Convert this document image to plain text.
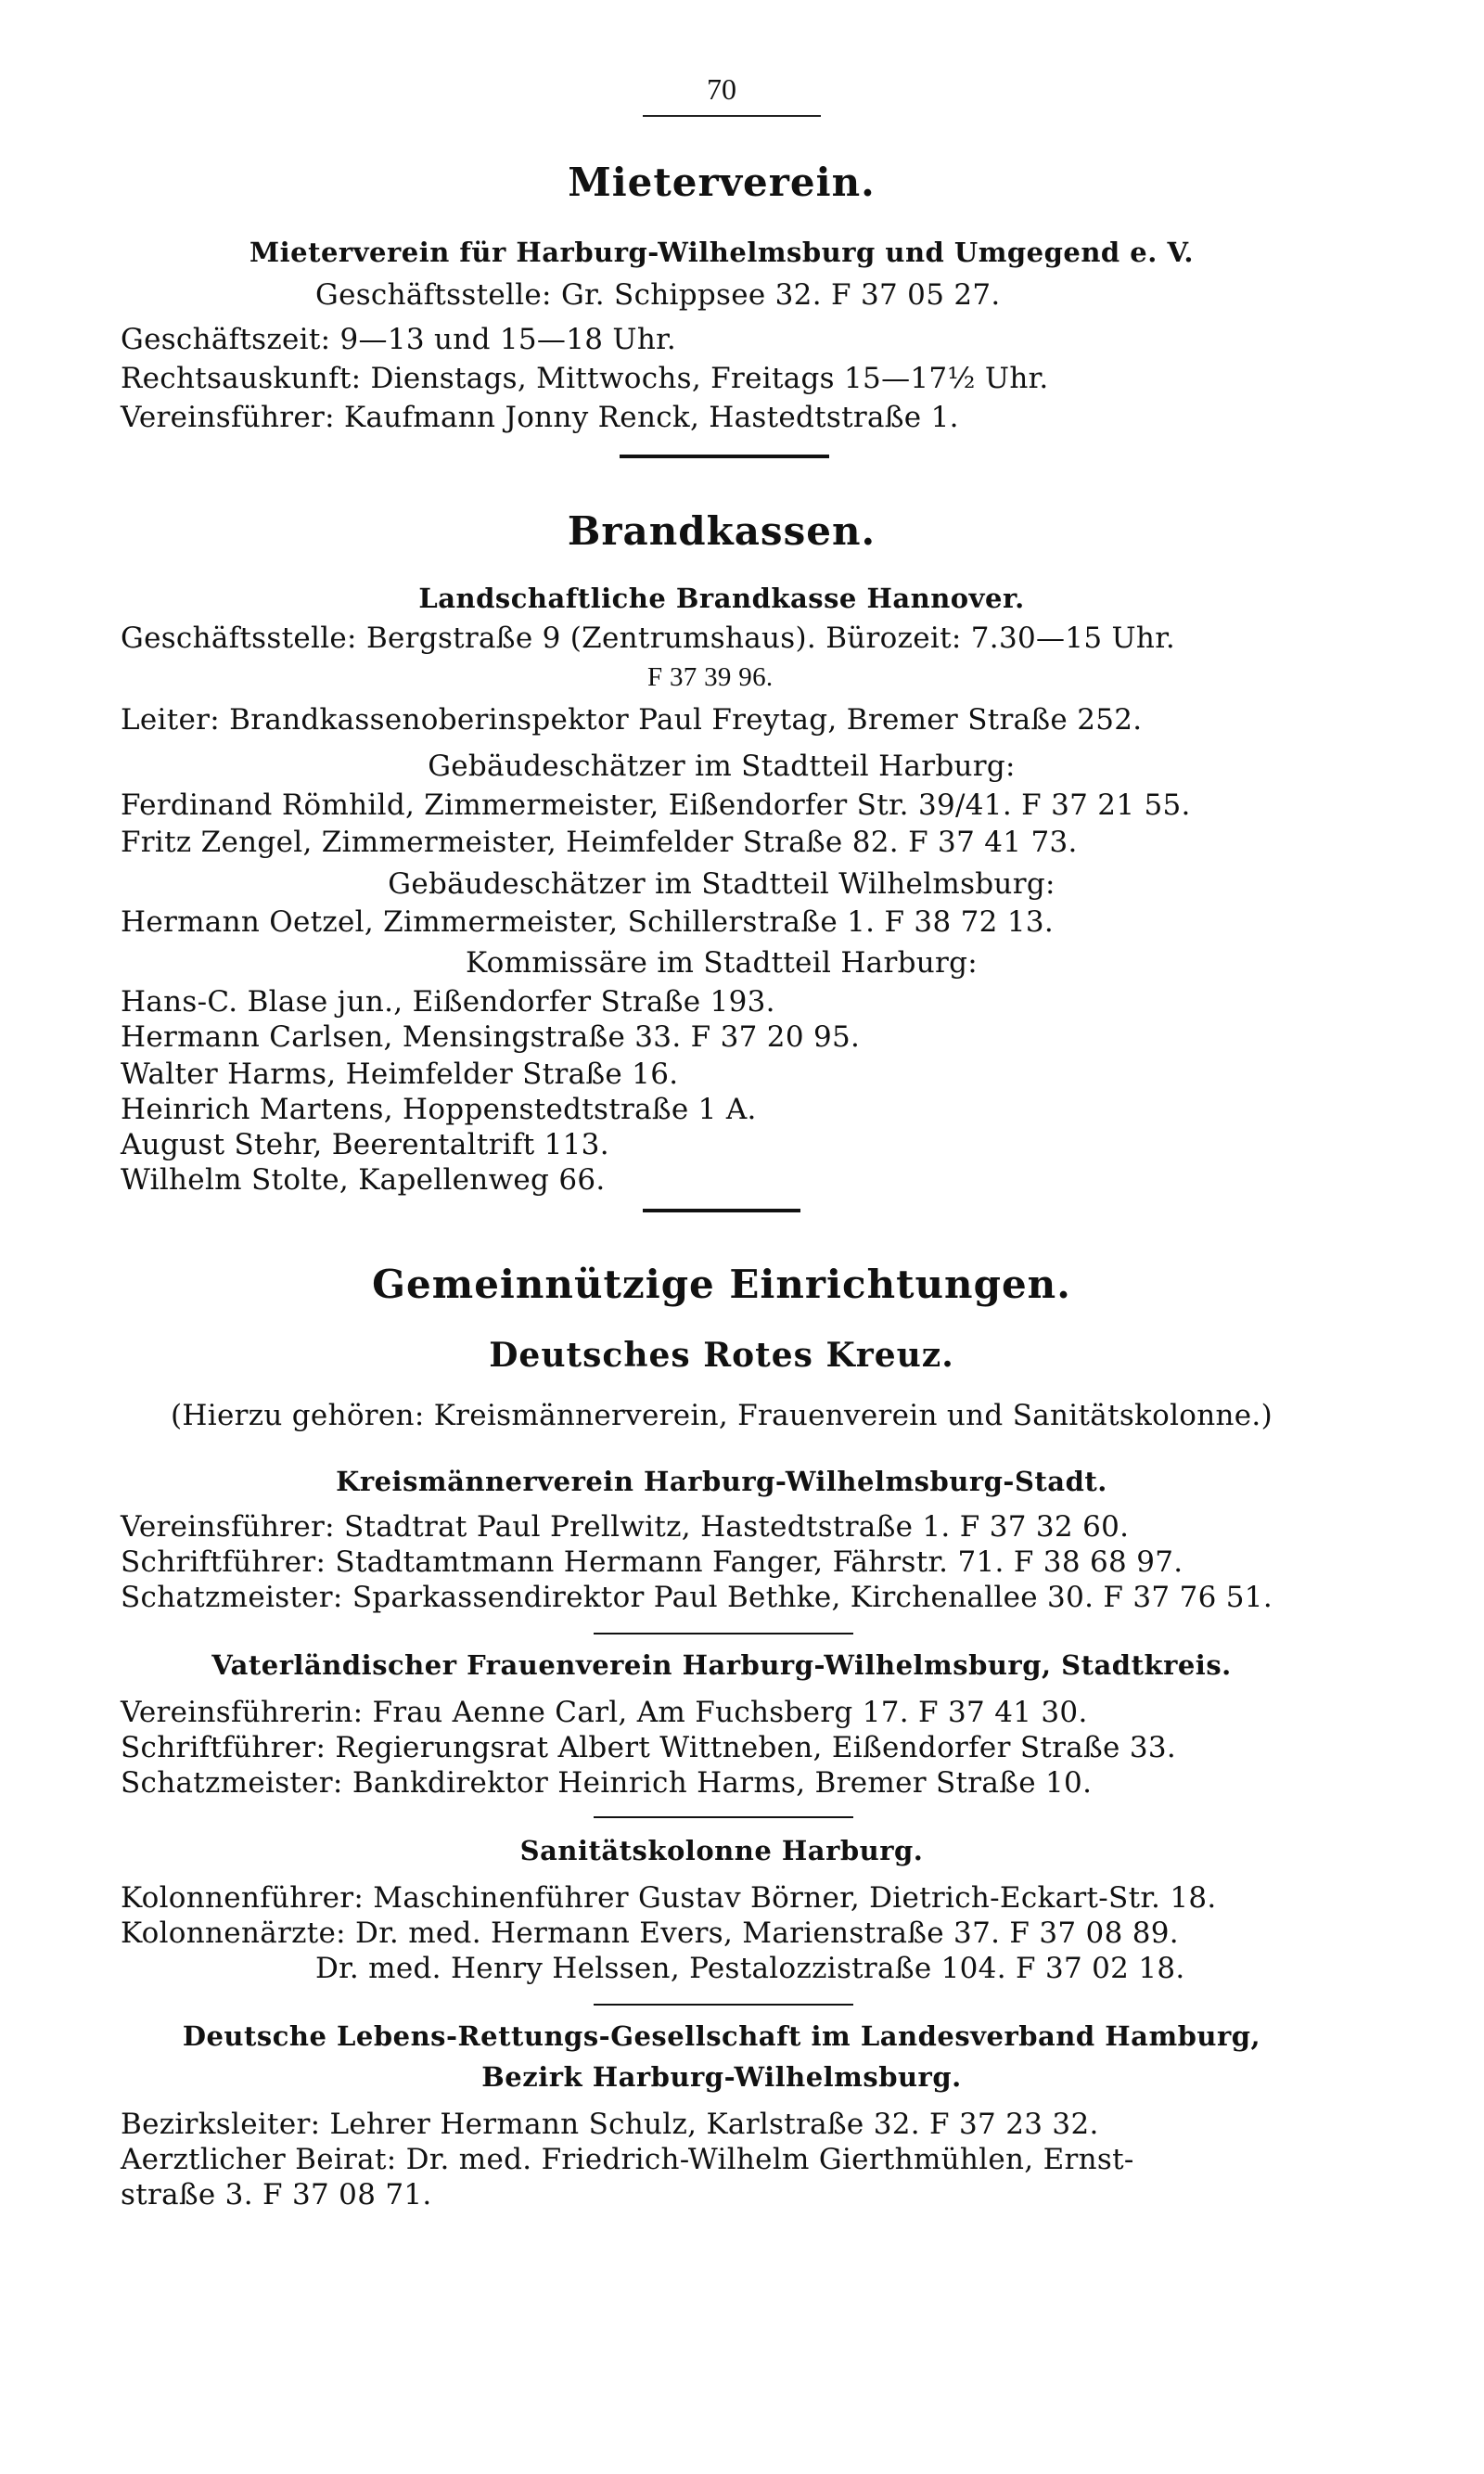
70
Mieterverein.
Mieterverein für Harburg-Wilhelmsburg und Umgegend e. V.
Geschäftsstelle: Gr. Schippsee 32. F 37 05 27.
Geschäftszeit: 9—13 und 15—18 Uhr.
Rechtsauskunft: Dienstags, Mittwochs, Freitags 15—17½ Uhr.
Vereinsführer: Kaufmann Jonny Renck, Hastedtstraße 1.
Brandkassen.
Landschaftliche Brandkasse Hannover.
Geschäftsstelle: Bergstraße 9 (Zentrumshaus). Bürozeit: 7.30—15 Uhr.
F 37 39 96.
Leiter: Brandkassenoberinspektor Paul Freytag, Bremer Straße 252.
Gebäudeschätzer im Stadtteil Harburg:
Ferdinand Römhild, Zimmermeister, Eißendorfer Str. 39/41. F 37 21 55.
Fritz Zengel, Zimmermeister, Heimfelder Straße 82. F 37 41 73.
Gebäudeschätzer im Stadtteil Wilhelmsburg:
Hermann Oetzel, Zimmermeister, Schillerstraße 1. F 38 72 13.
Kommissäre im Stadtteil Harburg:
Hans-C. Blase jun., Eißendorfer Straße 193.
Hermann Carlsen, Mensingstraße 33. F 37 20 95.
Walter Harms, Heimfelder Straße 16.
Heinrich Martens, Hoppenstedtstraße 1 A.
August Stehr, Beerentaltrift 113.
Wilhelm Stolte, Kapellenweg 66.
Gemeinnützige Einrichtungen.
Deutsches Rotes Kreuz.
(Hierzu gehören: Kreismännerverein, Frauenverein und Sanitätskolonne.)
Kreismännerverein Harburg-Wilhelmsburg-Stadt.
Vereinsführer: Stadtrat Paul Prellwitz, Hastedtstraße 1. F 37 32 60.
Schriftführer: Stadtamtmann Hermann Fanger, Fährstr. 71. F 38 68 97.
Schatzmeister: Sparkassendirektor Paul Bethke, Kirchenallee 30. F 37 76 51.
Vaterländischer Frauenverein Harburg-Wilhelmsburg, Stadtkreis.
Vereinsführerin: Frau Aenne Carl, Am Fuchsberg 17. F 37 41 30.
Schriftführer: Regierungsrat Albert Wittneben, Eißendorfer Straße 33.
Schatzmeister: Bankdirektor Heinrich Harms, Bremer Straße 10.
Sanitätskolonne Harburg.
Kolonnenführer: Maschinenführer Gustav Börner, Dietrich-Eckart-Str. 18.
Kolonnenärzte: Dr. med. Hermann Evers, Marienstraße 37. F 37 08 89.
Dr. med. Henry Helssen, Pestalozzistraße 104. F 37 02 18.
Deutsche Lebens-Rettungs-Gesellschaft im Landesverband Hamburg,
Bezirk Harburg-Wilhelmsburg.
Bezirksleiter: Lehrer Hermann Schulz, Karlstraße 32. F 37 23 32.
Aerztlicher Beirat: Dr. med. Friedrich-Wilhelm Gierthmühlen, Ernst-
straße 3. F 37 08 71.
